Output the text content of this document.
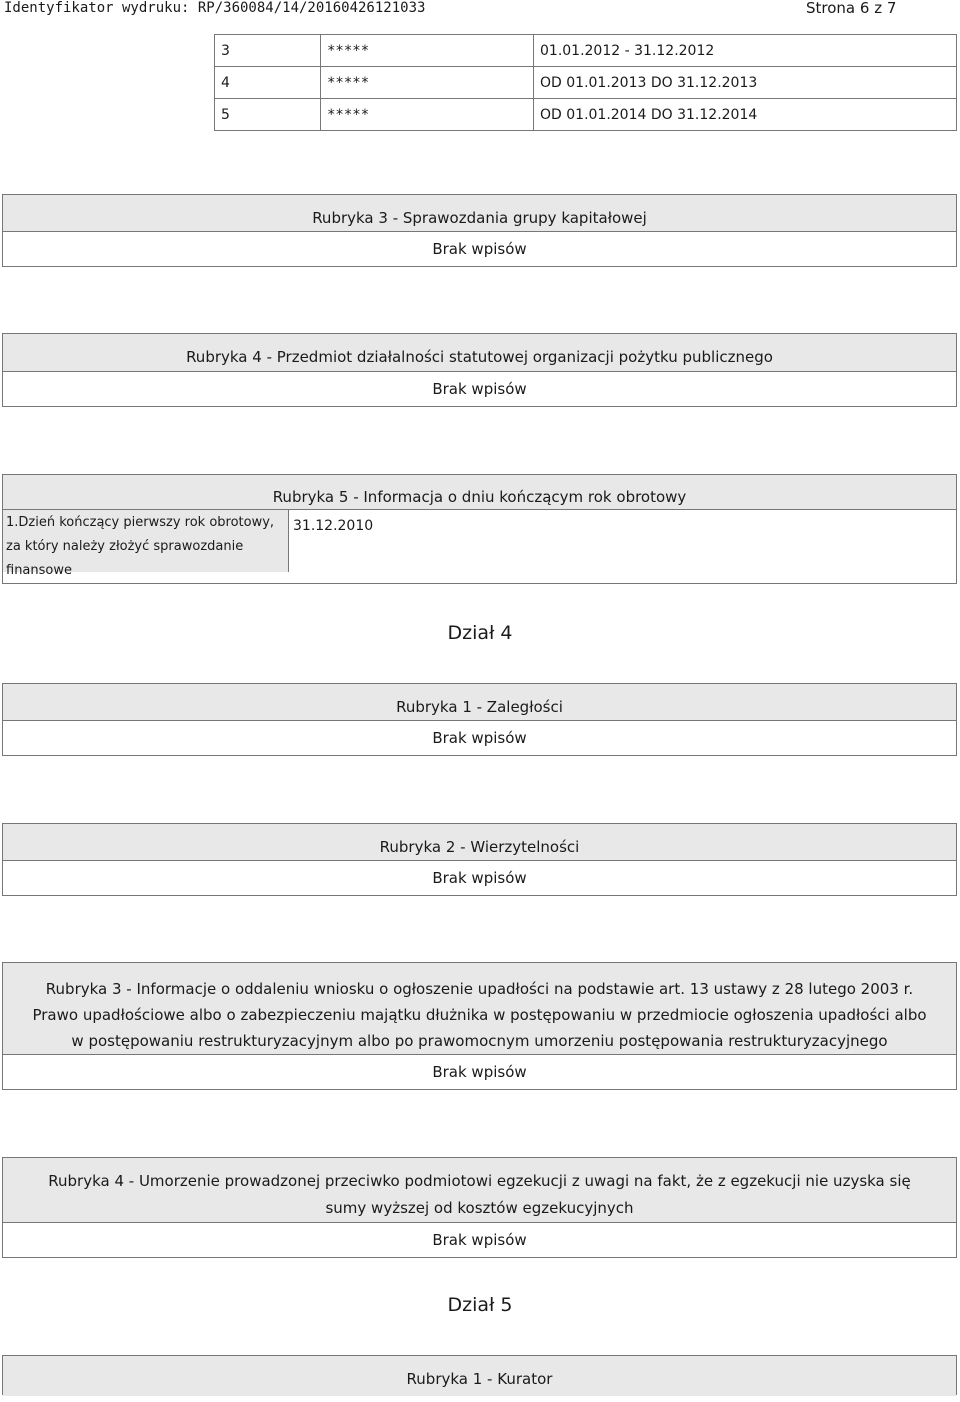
Identyfikator wydruku: RP/360084/14/20160426121033	Strona 6 z 7
3	*****	01.01.2012 - 31.12.2012
4	*****	OD 01.01.2013 DO 31.12.2013
5	*****	OD 01.01.2014 DO 31.12.2014
Rubryka 3 - Sprawozdania grupy kapitałowej
Brak wpisów
Rubryka 4 - Przedmiot działalności statutowej organizacji pożytku publicznego
Brak wpisów
Rubryka 5 - Informacja o dniu kończącym rok obrotowy
1.Dzień kończący pierwszy rok obrotowy,
za który należy złożyć sprawozdanie
finansowe
31.12.2010
Dział 4
Rubryka 1 - Zaległości
Brak wpisów
Rubryka 2 - Wierzytelności
Brak wpisów
Rubryka 3 - Informacje o oddaleniu wniosku o ogłoszenie upadłości na podstawie art. 13 ustawy z 28 lutego 2003 r.
Prawo upadłościowe albo o zabezpieczeniu majątku dłużnika w postępowaniu w przedmiocie ogłoszenia upadłości albo
w postępowaniu restrukturyzacyjnym albo po prawomocnym umorzeniu postępowania restrukturyzacyjnego
Brak wpisów
Rubryka 4 - Umorzenie prowadzonej przeciwko podmiotowi egzekucji z uwagi na fakt, że z egzekucji nie uzyska się
sumy wyższej od kosztów egzekucyjnych
Brak wpisów
Dział 5
Rubryka 1 - Kurator
